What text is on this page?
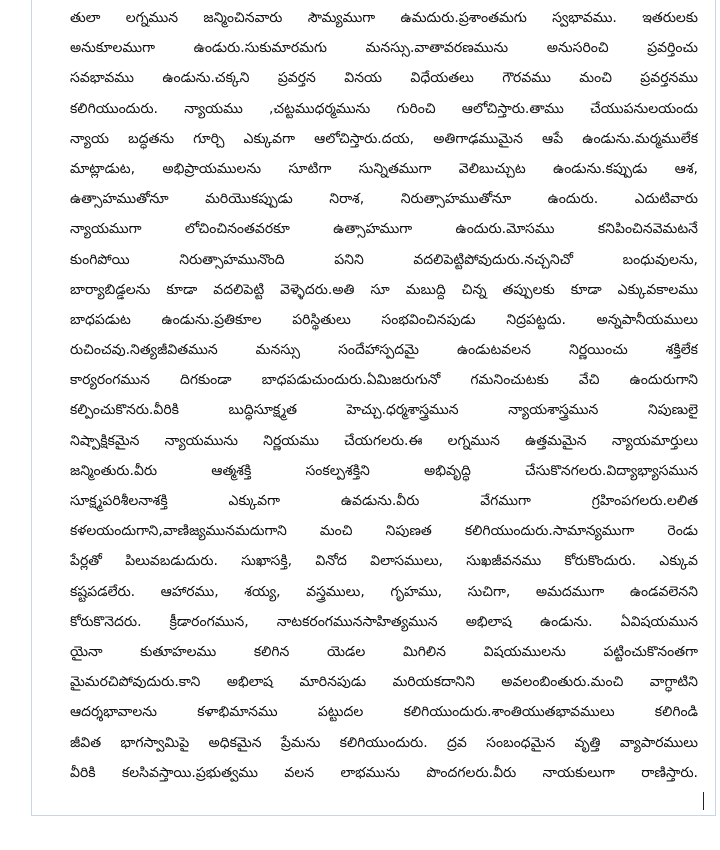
తులా లగ్నమున జన్మించినవారు సౌమ్యముగా ఉమదురు.ప్రశాంతమగు స్వభావము. ఇతరులకు
అనుకూలముగా ఉండురు.సుకుమారమగు మనస్సు.వాతావరణమును అనుసరించి ప్రవర్తించు
సవభావము ఉండును.చక్కని ప్రవర్తన వినయ విధేయతలు గౌరవము మంచి ప్రవర్తనము
కలిగియుందురు. న్యాయము ,చట్టముధర్మమును గురించి ఆలోచిస్తారు.తాము చేయుపనులయందు
న్యాయ బద్ధతను గూర్చి ఎక్కువగా ఆలోచిస్తారు.దయ, అతిగాఢముమైన ఆపే ఉండును.మర్మములేక
మాట్లాడుట, అభిప్రాయములను సూటిగా సున్నితముగా వెలిబుచ్చుట ఉండును.కప్పుడు ఆశ,
ఉత్సాహముతోనూ మరియొకప్పుడు నిరాశ, నిరుత్సాహముతోనూ ఉందురు. ఎదుటివారు
న్యాయముగా లోచించినంతవరకూ ఉత్సాహముగా ఉందురు.మోసము కనిపించినవెమటనే
కుంగిపోయి నిరుత్సాహమునొంది పనిని వదలిపెట్టిపోవుదురు.నచ్చనిచో బంధువులను,
బార్యాబిడ్డలను కూడా వదలిపెట్టి వెళ్ళెదరు.అతి సూ మబుద్ది చిన్న తప్పులకు కూడా ఎక్కువకాలము
బాధపడుట ఉండును.ప్రతికూల పరిస్థితులు సంభవించినపుడు నిద్రపట్టదు. అన్నపానీయములు
రుచించవు.నిత్యజీవితమున మనస్సు సందేహాస్పదమై ఉండుటవలన నిర్ణయించు శక్తిలేక
కార్యరంగమున దిగకుండా బాధపడుచుందురు.ఏమిజరుగునో గమనించుటకు వేచి ఉందురుగాని
కల్పించుకొనరు.వీరికి బుద్ధిసూక్ష్మత హెచ్చు.ధర్మశాస్త్రమున న్యాయశాస్త్రమున నిపుణులై
నిష్పాక్షికమైన న్యాయమును నిర్ణయము చేయగలరు.ఈ లగ్నమున ఉత్తమమైన న్యాయమార్తులు
జన్మింతురు.వీరు ఆత్మశక్తి సంకల్పశక్తిని అభివృద్ధి చేసుకొనగలరు.విద్యాభ్యాసమున
సూక్ష్మపరిశీలనాశక్తి ఎక్కువగా ఉవడును.వీరు వేగముగా గ్రహింపగలరు.లలిత
కళలయందుగాని,వాణిజ్యమునమదుగాని మంచి నిపుణత కలిగియుందురు.సామాన్యముగా రెండు
పేర్లతో పిలువబడుదురు. సుఖాసక్తి, వినోద విలాసములు, సుఖజీవనము కోరుకొందురు. ఎక్కువ
కష్టపడలేరు. ఆహారము, శయ్య, వస్త్రములు, గృహము, సుచిగా, అమదముగా ఉండవలెనని
కోరుకొనెదరు. క్రీడారంగమున, నాటకరంగమునసాహిత్యమున అభిలాష ఉండును. ఏవిషయమున
యైనా కుతూహలము కలిగిన యెడల మిగిలిన విషయములను పట్టించుకొనంతగా
మైమరచిపోవుదురు.కాని అభిలాష మారినపుడు మరియకదానిని అవలంబింతురు.మంచి వాగ్ధాటిని
ఆదర్శభావాలను కళాభిమానము పట్టుదల కలిగియుందురు.శాంతియుతభావములు కలిగిండి
జీవిత భాగస్వామిపై అధికమైన ప్రేమను కలిగియుందురు. ద్రవ సంబంధమైన వృత్తి వ్యాపారములు
వీరికి కలసివస్తాయి.ప్రభుత్వము వలన లాభమును పొందగలరు.వీరు నాయకులుగా రాణిస్తారు.
